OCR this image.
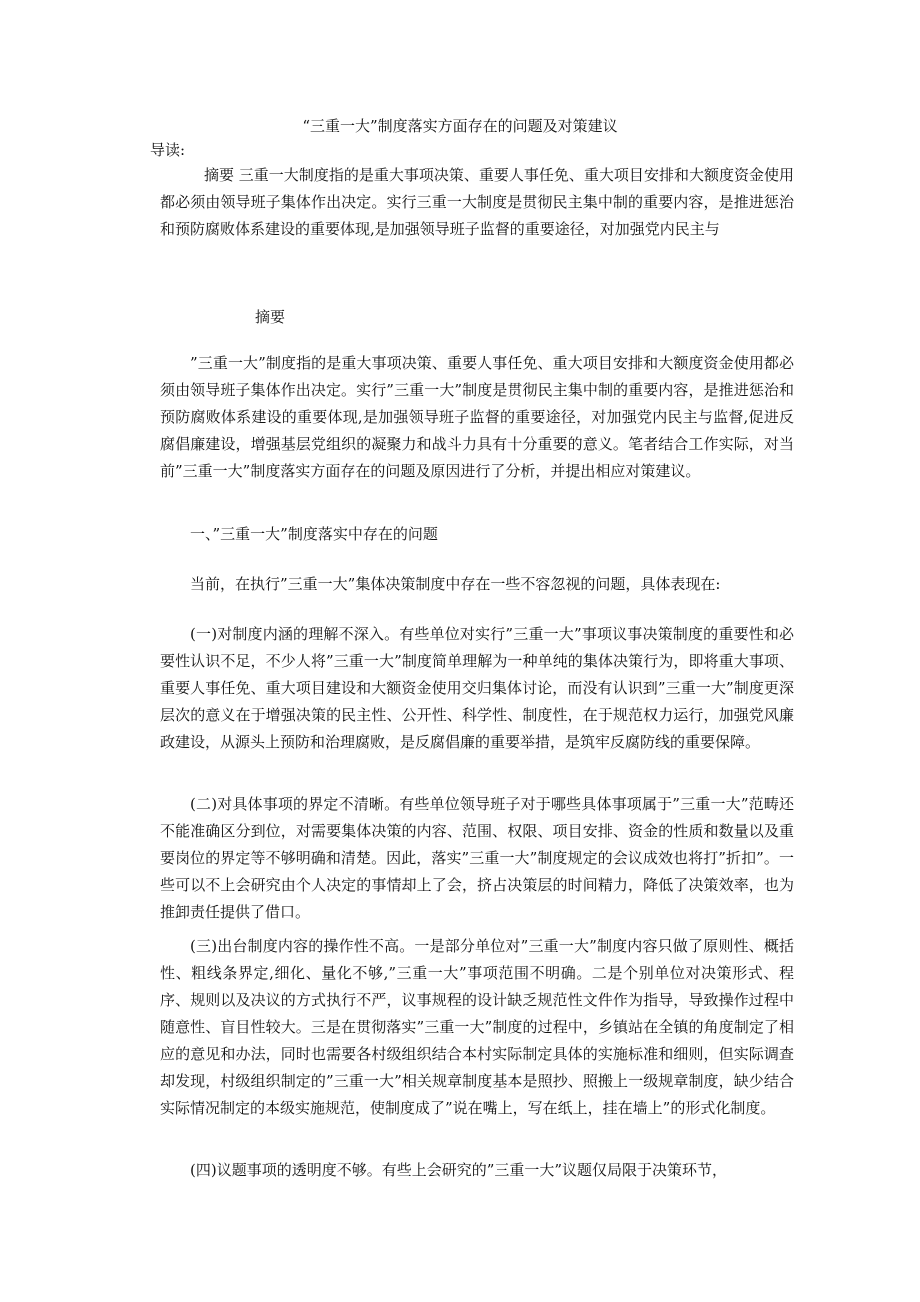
“三重一大”制度落实方面存在的问题及对策建议
导读:

摘要 三重一大制度指的是重大事项决策、重要人事任免、重大项目安排和大额度资金使用都必须由领导班子集体作出决定。实行三重一大制度是贯彻民主集中制的重要内容，是推进惩治和预防腐败体系建设的重要体现,是加强领导班子监督的重要途径，对加强党内民主与

摘要

”三重一大”制度指的是重大事项决策、重要人事任免、重大项目安排和大额度资金使用都必须由领导班子集体作出决定。实行”三重一大”制度是贯彻民主集中制的重要内容，是推进惩治和预防腐败体系建设的重要体现,是加强领导班子监督的重要途径，对加强党内民主与监督,促进反腐倡廉建设，增强基层党组织的凝聚力和战斗力具有十分重要的意义。笔者结合工作实际，对当前”三重一大”制度落实方面存在的问题及原因进行了分析，并提出相应对策建议。

一、”三重一大”制度落实中存在的问题

当前，在执行”三重一大”集体决策制度中存在一些不容忽视的问题，具体表现在:

(一)对制度内涵的理解不深入。有些单位对实行”三重一大”事项议事决策制度的重要性和必要性认识不足，不少人将”三重一大”制度简单理解为一种单纯的集体决策行为，即将重大事项、重要人事任免、重大项目建设和大额资金使用交归集体讨论，而没有认识到”三重一大”制度更深层次的意义在于增强决策的民主性、公开性、科学性、制度性，在于规范权力运行，加强党风廉政建设，从源头上预防和治理腐败，是反腐倡廉的重要举措，是筑牢反腐防线的重要保障。

(二)对具体事项的界定不清晰。有些单位领导班子对于哪些具体事项属于”三重一大”范畴还不能准确区分到位，对需要集体决策的内容、范围、权限、项目安排、资金的性质和数量以及重要岗位的界定等不够明确和清楚。因此，落实”三重一大”制度规定的会议成效也将打”折扣”。一些可以不上会研究由个人决定的事情却上了会，挤占决策层的时间精力，降低了决策效率，也为推卸责任提供了借口。

(三)出台制度内容的操作性不高。一是部分单位对”三重一大”制度内容只做了原则性、概括性、粗线条界定,细化、量化不够,”三重一大”事项范围不明确。二是个别单位对决策形式、程序、规则以及决议的方式执行不严，议事规程的设计缺乏规范性文件作为指导，导致操作过程中随意性、盲目性较大。三是在贯彻落实”三重一大”制度的过程中，乡镇站在全镇的角度制定了相应的意见和办法，同时也需要各村级组织结合本村实际制定具体的实施标准和细则，但实际调查却发现，村级组织制定的”三重一大”相关规章制度基本是照抄、照搬上一级规章制度，缺少结合实际情况制定的本级实施规范，使制度成了”说在嘴上，写在纸上，挂在墙上”的形式化制度。

(四)议题事项的透明度不够。有些上会研究的”三重一大”议题仅局限于决策环节，
